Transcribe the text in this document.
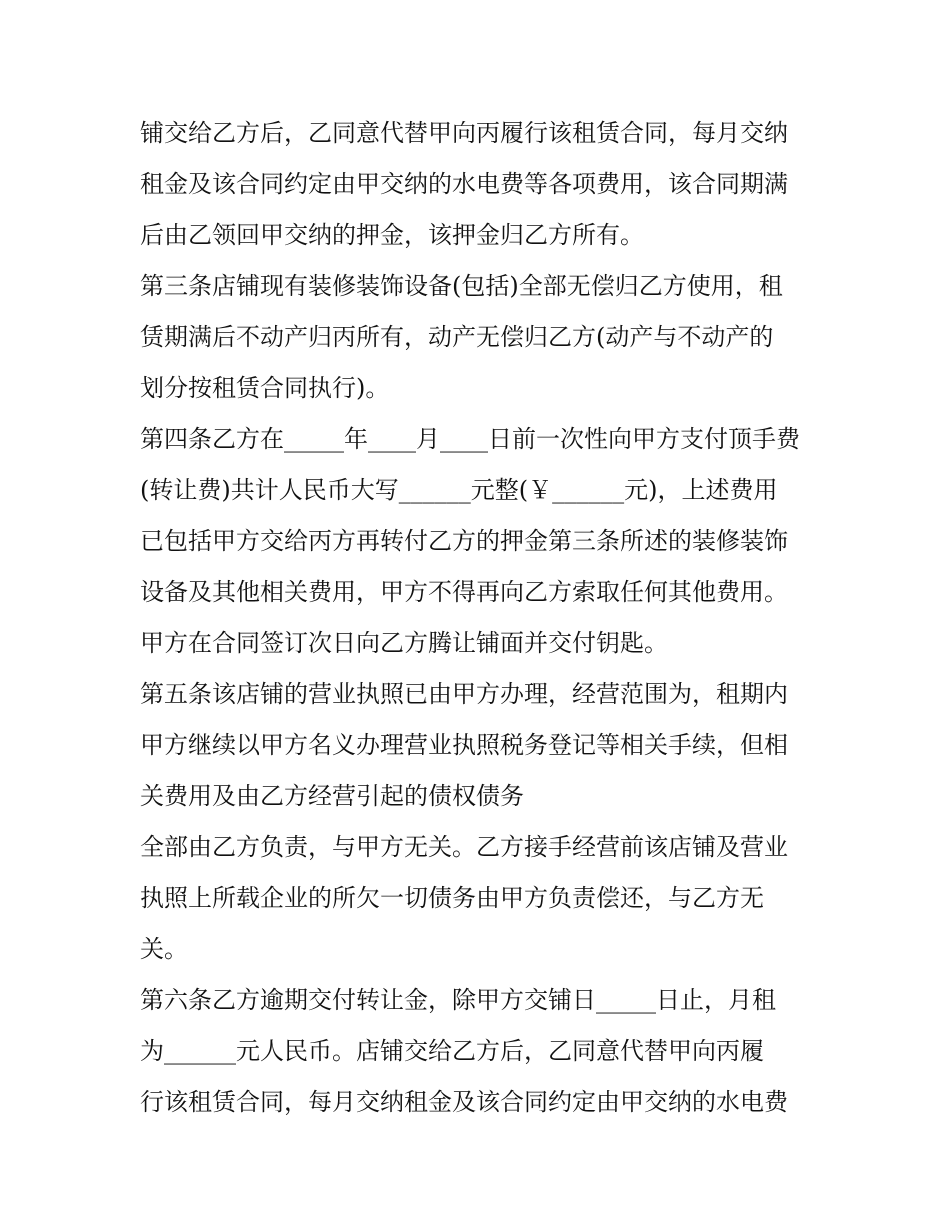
铺交给乙方后，乙同意代替甲向丙履行该租赁合同，每月交纳
租金及该合同约定由甲交纳的水电费等各项费用，该合同期满
后由乙领回甲交纳的押金，该押金归乙方所有。
第三条店铺现有装修装饰设备(包括)全部无偿归乙方使用，租
赁期满后不动产归丙所有，动产无偿归乙方(动产与不动产的
划分按租赁合同执行)。
第四条乙方在_____年____月____日前一次性向甲方支付顶手费
(转让费)共计人民币大写______元整(￥______元)，上述费用
已包括甲方交给丙方再转付乙方的押金第三条所述的装修装饰
设备及其他相关费用，甲方不得再向乙方索取任何其他费用。
甲方在合同签订次日向乙方腾让铺面并交付钥匙。
第五条该店铺的营业执照已由甲方办理，经营范围为，租期内
甲方继续以甲方名义办理营业执照税务登记等相关手续，但相
关费用及由乙方经营引起的债权债务
全部由乙方负责，与甲方无关。乙方接手经营前该店铺及营业
执照上所载企业的所欠一切债务由甲方负责偿还，与乙方无
关。
第六条乙方逾期交付转让金，除甲方交铺日_____日止，月租
为______元人民币。店铺交给乙方后，乙同意代替甲向丙履
行该租赁合同，每月交纳租金及该合同约定由甲交纳的水电费
